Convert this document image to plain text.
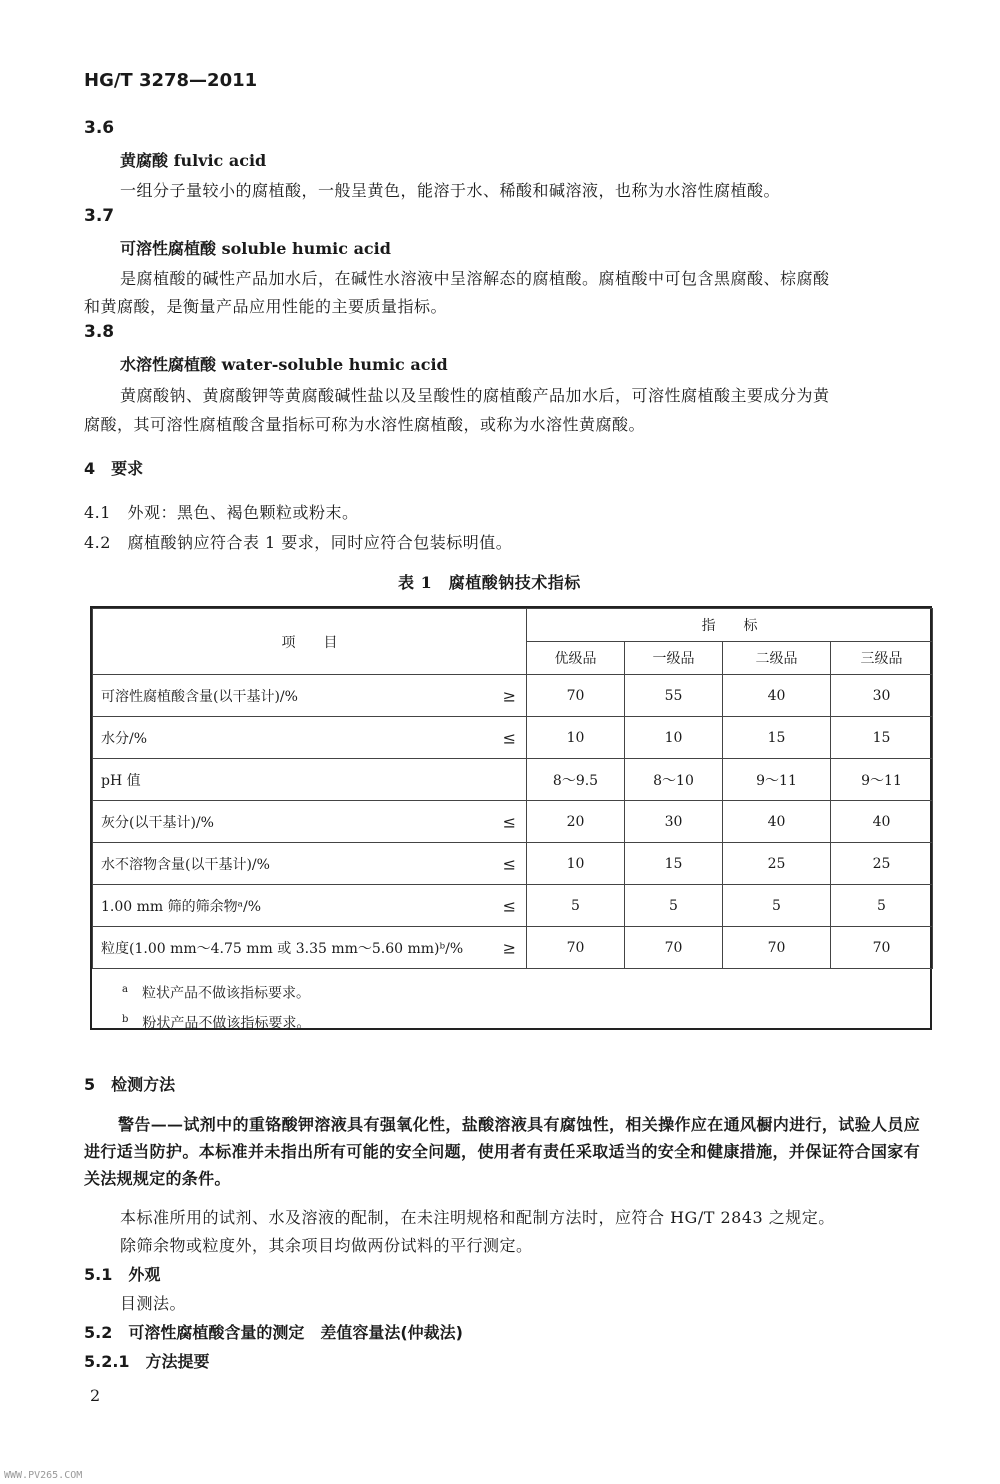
HG/T 3278—2011
3.6
黄腐酸 fulvic acid
一组分子量较小的腐植酸，一般呈黄色，能溶于水、稀酸和碱溶液，也称为水溶性腐植酸。
3.7
可溶性腐植酸 soluble humic acid
是腐植酸的碱性产品加水后，在碱性水溶液中呈溶解态的腐植酸。腐植酸中可包含黑腐酸、棕腐酸
和黄腐酸，是衡量产品应用性能的主要质量指标。
3.8
水溶性腐植酸 water-soluble humic acid
黄腐酸钠、黄腐酸钾等黄腐酸碱性盐以及呈酸性的腐植酸产品加水后，可溶性腐植酸主要成分为黄
腐酸，其可溶性腐植酸含量指标可称为水溶性腐植酸，或称为水溶性黄腐酸。
4　要求
4.1　外观：黑色、褐色颗粒或粉末。
4.2　腐植酸钠应符合表 1 要求，同时应符合包装标明值。
表 1　腐植酸钠技术指标
项　　目	指　　标			
	优级品	一级品	二级品	三级品
可溶性腐植酸含量(以干基计)/% ≥	70	55	40	30
水分/% ≤	10	10	15	15
pH 值	8～9.5	8～10	9～11	9～11
灰分(以干基计)/% ≤	20	30	40	40
水不溶物含量(以干基计)/% ≤	10	15	25	25
1.00 mm 筛的筛余物ᵃ/% ≤	5	5	5	5
粒度(1.00 mm～4.75 mm 或 3.35 mm～5.60 mm)ᵇ/% ≥	70	70	70	70
$^a$ 粒状产品不做该指标要求。
$^b$ 粉状产品不做该指标要求。
5　检测方法
警告——试剂中的重铬酸钾溶液具有强氧化性，盐酸溶液具有腐蚀性，相关操作应在通风橱内进行，试验人员应进行适当防护。本标准并未指出所有可能的安全问题，使用者有责任采取适当的安全和健康措施，并保证符合国家有关法规规定的条件。
本标准所用的试剂、水及溶液的配制，在未注明规格和配制方法时，应符合 HG/T 2843 之规定。
除筛余物或粒度外，其余项目均做两份试料的平行测定。
5.1　外观
目测法。
5.2　可溶性腐植酸含量的测定　差值容量法(仲裁法)
5.2.1　方法提要
2
WWW.PV265.COM
